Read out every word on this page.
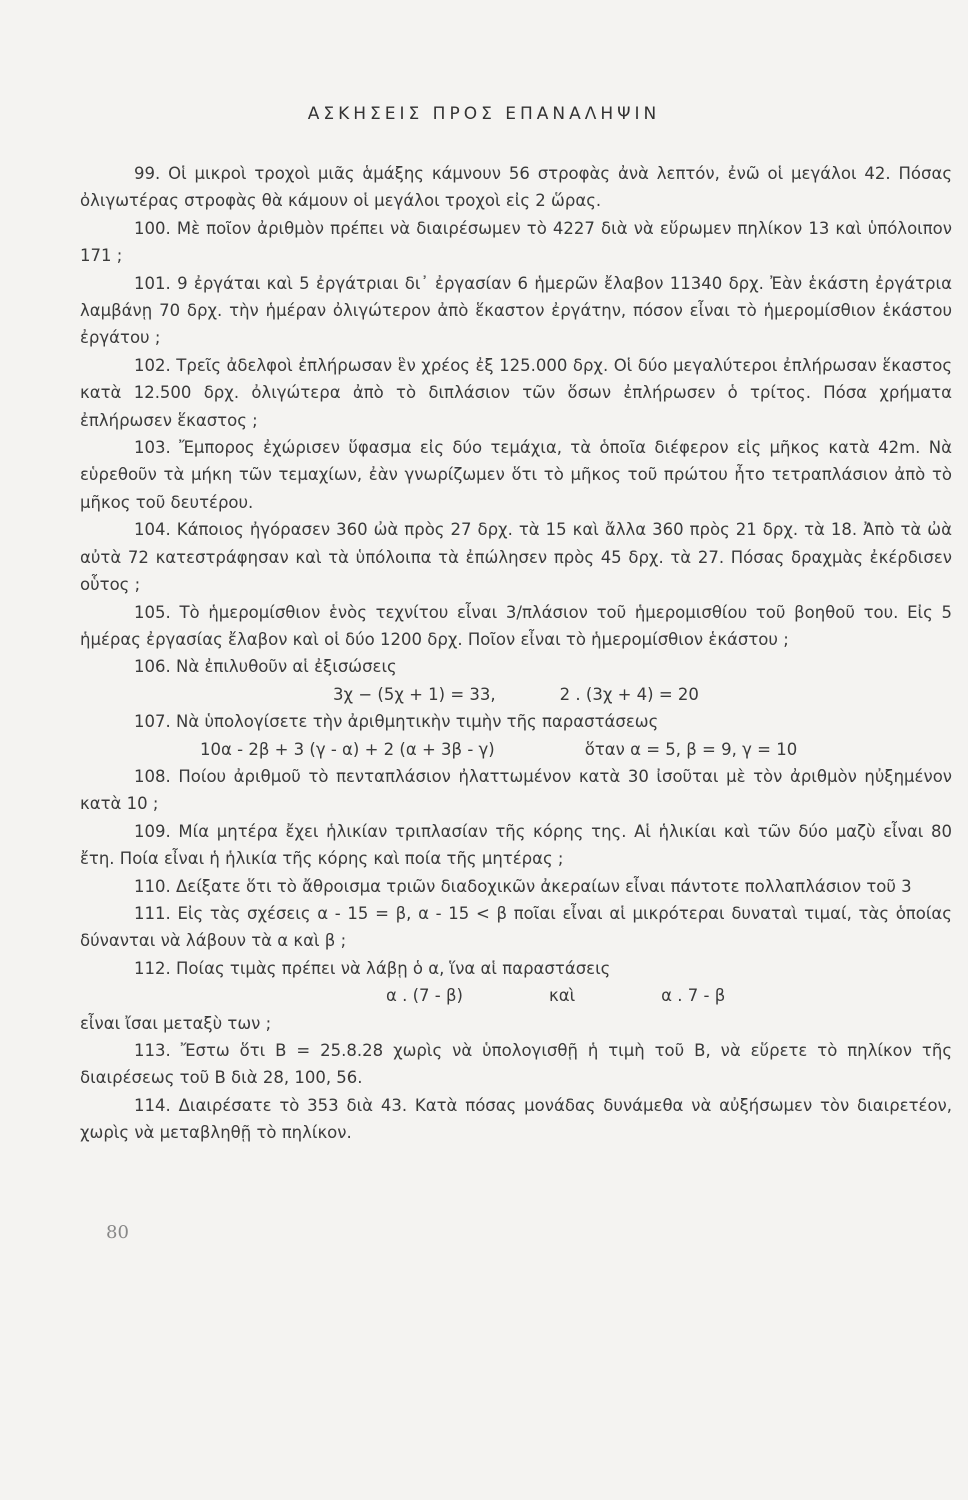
ΑΣΚΗΣΕΙΣ ΠΡΟΣ ΕΠΑΝΑΛΗΨΙΝ

99. Οἱ μικροὶ τροχοὶ μιᾶς ἁμάξης κάμνουν 56 στροφὰς ἀνὰ λεπτόν, ἐνῶ οἱ μεγάλοι 42. Πόσας ὀλιγωτέρας στροφὰς θὰ κάμουν οἱ μεγάλοι τροχοὶ εἰς 2 ὥρας.

100. Μὲ ποῖον ἀριθμὸν πρέπει νὰ διαιρέσωμεν τὸ 4227 διὰ νὰ εὕρωμεν πηλίκον 13 καὶ ὑπόλοιπον 171 ;

101. 9 ἐργάται καὶ 5 ἐργάτριαι δι᾽ ἐργασίαν 6 ἡμερῶν ἔλαβον 11340 δρχ. Ἐὰν ἑκάστη ἐργάτρια λαμβάνῃ 70 δρχ. τὴν ἡμέραν ὀλιγώτερον ἀπὸ ἕκαστον ἐργάτην, πόσον εἶναι τὸ ἡμερομίσθιον ἑκάστου ἐργάτου ;

102. Τρεῖς ἀδελφοὶ ἐπλήρωσαν ἓν χρέος ἐξ 125.000 δρχ. Οἱ δύο μεγαλύτεροι ἐπλήρωσαν ἕκαστος κατὰ 12.500 δρχ. ὀλιγώτερα ἀπὸ τὸ διπλάσιον τῶν ὅσων ἐπλήρωσεν ὁ τρίτος. Πόσα χρήματα ἐπλήρωσεν ἕκαστος ;

103. Ἔμπορος ἐχώρισεν ὕφασμα εἰς δύο τεμάχια, τὰ ὁποῖα διέφερον εἰς μῆκος κατὰ 42m. Νὰ εὑρεθοῦν τὰ μήκη τῶν τεμαχίων, ἐὰν γνωρίζωμεν ὅτι τὸ μῆκος τοῦ πρώτου ἦτο τετραπλάσιον ἀπὸ τὸ μῆκος τοῦ δευτέρου.

104. Κάποιος ἠγόρασεν 360 ὠὰ πρὸς 27 δρχ. τὰ 15 καὶ ἄλλα 360 πρὸς 21 δρχ. τὰ 18. Ἀπὸ τὰ ὠὰ αὐτὰ 72 κατεστράφησαν καὶ τὰ ὑπόλοιπα τὰ ἐπώλησεν πρὸς 45 δρχ. τὰ 27. Πόσας δραχμὰς ἐκέρδισεν οὗτος ;

105. Τὸ ἡμερομίσθιον ἑνὸς τεχνίτου εἶναι 3/πλάσιον τοῦ ἡμερομισθίου τοῦ βοηθοῦ του. Εἰς 5 ἡμέρας ἐργασίας ἔλαβον καὶ οἱ δύο 1200 δρχ. Ποῖον εἶναι τὸ ἡμερομίσθιον ἑκάστου ;

106. Νὰ ἐπιλυθοῦν αἱ ἐξισώσεις

3χ − (5χ + 1) = 33,	2 . (3χ + 4) = 20

107. Νὰ ὑπολογίσετε τὴν ἀριθμητικὴν τιμὴν τῆς παραστάσεως

10α - 2β + 3 (γ - α) + 2 (α + 3β - γ)	ὅταν α = 5, β = 9, γ = 10

108. Ποίου ἀριθμοῦ τὸ πενταπλάσιον ἠλαττωμένον κατὰ 30 ἰσοῦται μὲ τὸν ἀριθμὸν ηὐξημένον κατὰ 10 ;

109. Μία μητέρα ἔχει ἡλικίαν τριπλασίαν τῆς κόρης της. Αἱ ἡλικίαι καὶ τῶν δύο μαζὺ εἶναι 80 ἔτη. Ποία εἶναι ἡ ἡλικία τῆς κόρης καὶ ποία τῆς μητέρας ;

110. Δείξατε ὅτι τὸ ἄθροισμα τριῶν διαδοχικῶν ἀκεραίων εἶναι πάντοτε πολλαπλάσιον τοῦ 3

111. Εἰς τὰς σχέσεις α - 15 = β, α - 15 < β ποῖαι εἶναι αἱ μικρότεραι δυναταὶ τιμαί, τὰς ὁποίας δύνανται νὰ λάβουν τὰ α καὶ β ;

112. Ποίας τιμὰς πρέπει νὰ λάβῃ ὁ α, ἵνα αἱ παραστάσεις

α . (7 - β)	καὶ	α . 7 - β

εἶναι ἴσαι μεταξὺ των ;

113. Ἔστω ὅτι Β = 25.8.28 χωρὶς νὰ ὑπολογισθῇ ἡ τιμὴ τοῦ Β, νὰ εὕρετε τὸ πηλίκον τῆς διαιρέσεως τοῦ Β διὰ 28, 100, 56.

114. Διαιρέσατε τὸ 353 διὰ 43. Κατὰ πόσας μονάδας δυνάμεθα νὰ αὐξήσωμεν τὸν διαιρετέον, χωρὶς νὰ μεταβληθῇ τὸ πηλίκον.

80
